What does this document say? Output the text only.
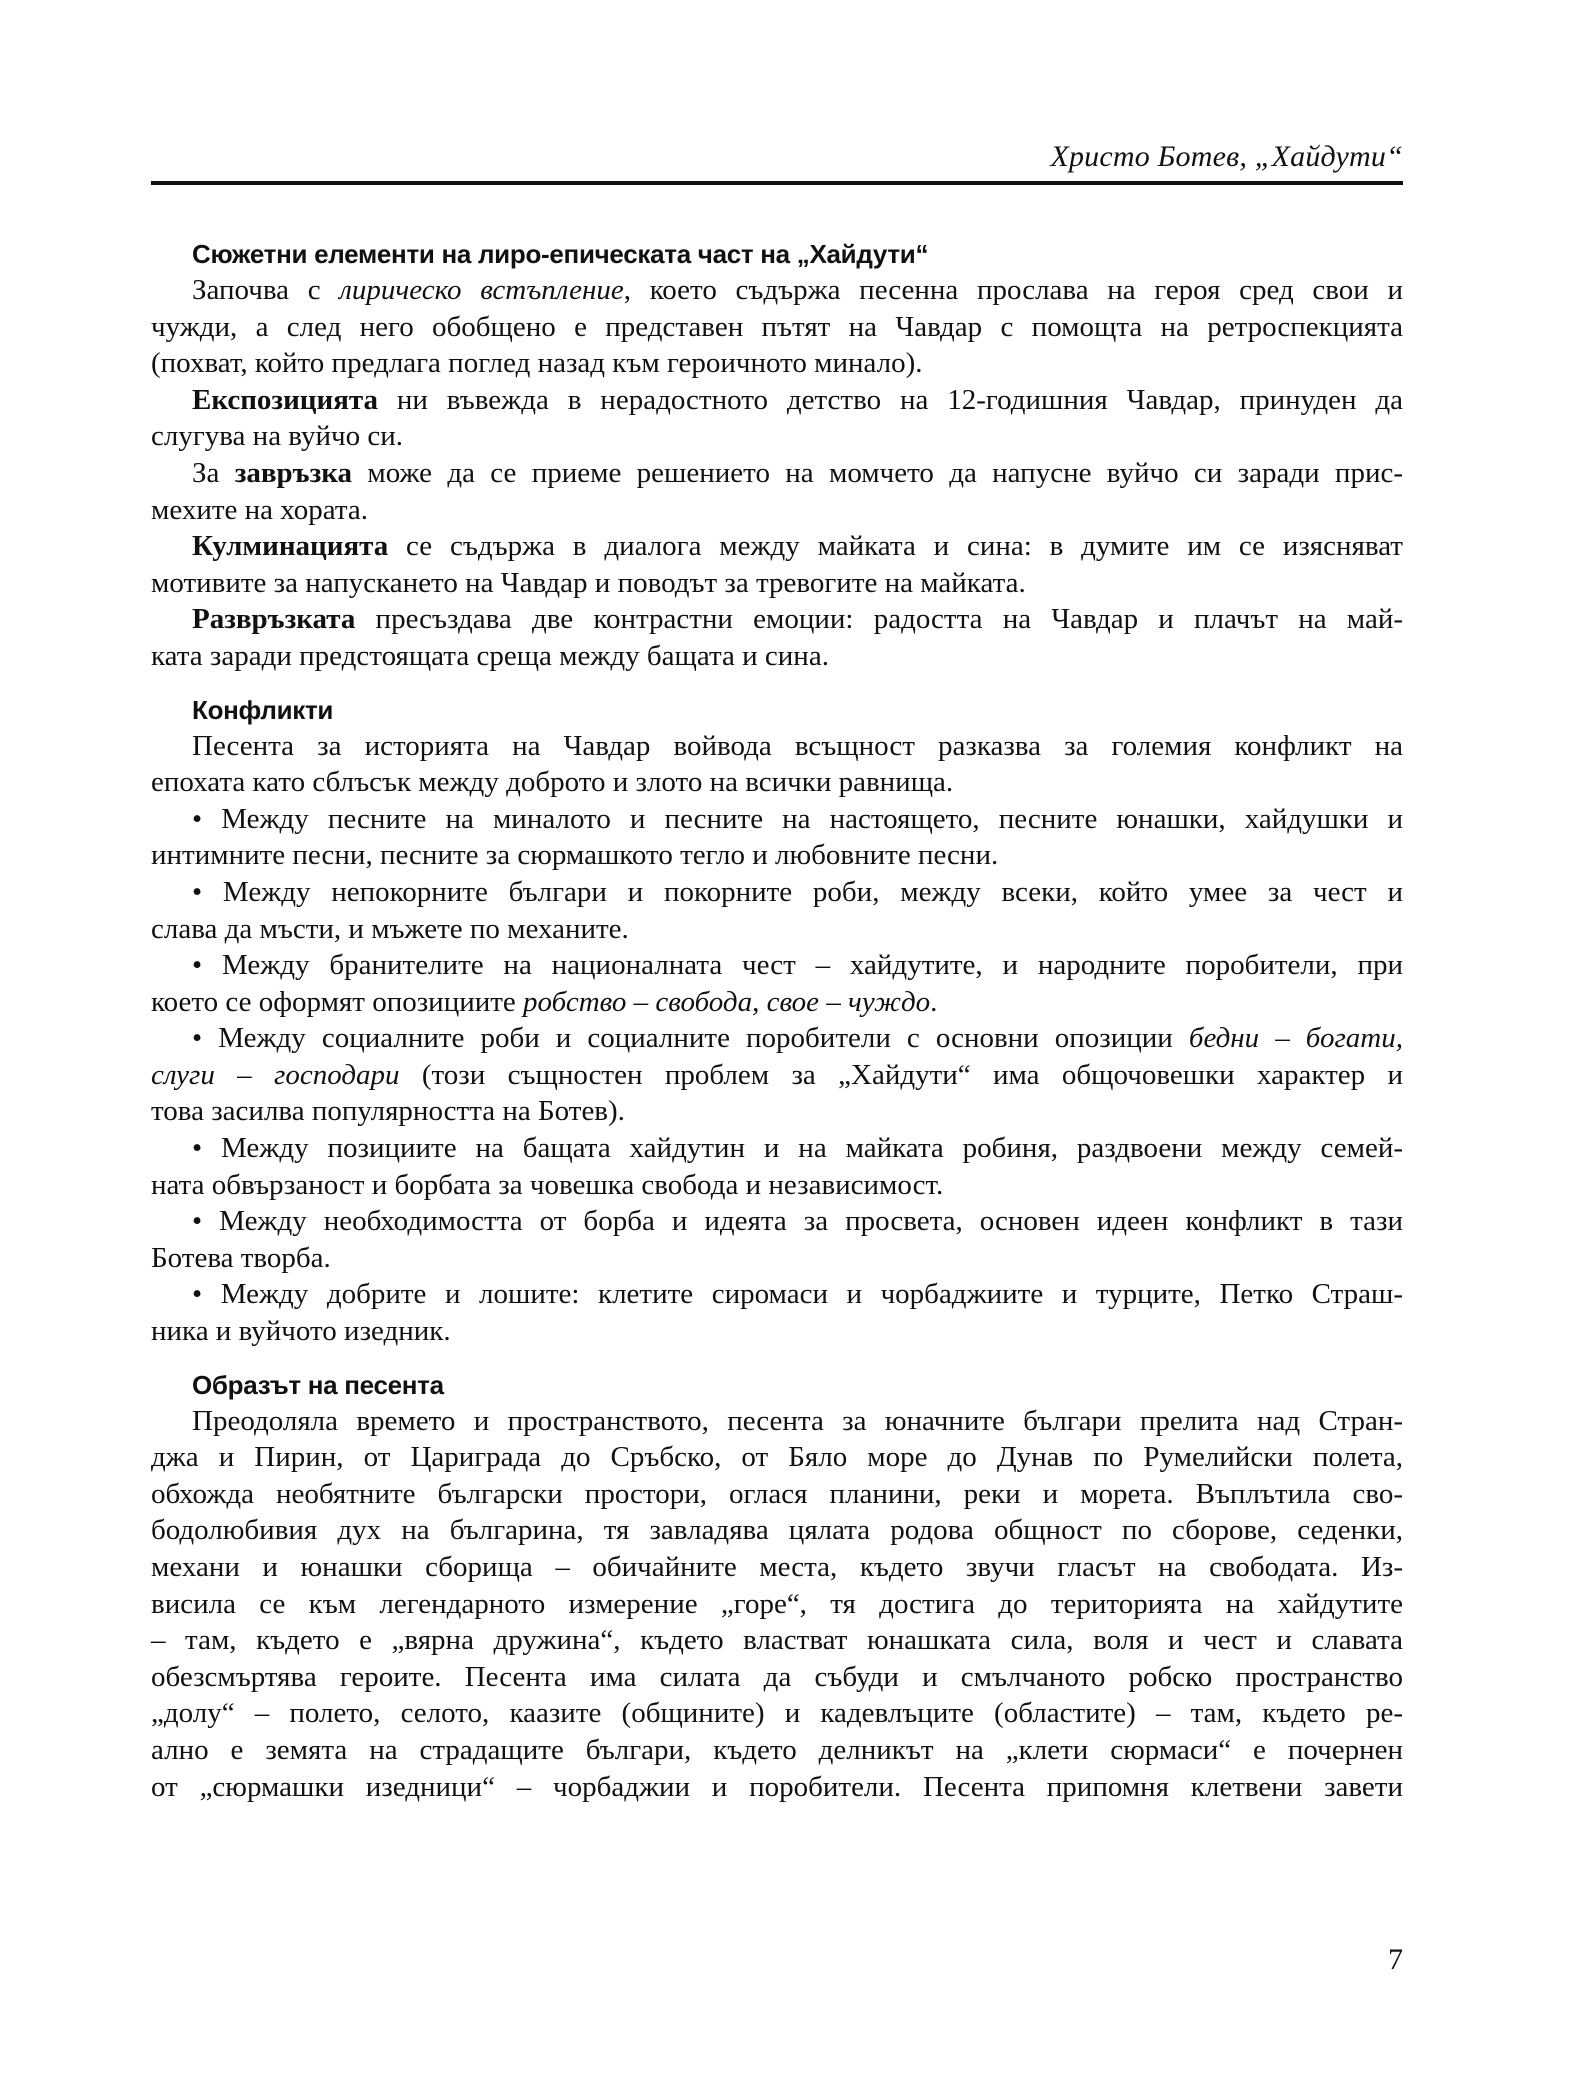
Христо Ботев, „Хайдути“
Сюжетни елементи на лиро-епическата част на „Хайдути“
Започва с лирическо встъпление, което съдържа песенна прослава на героя сред свои и
чужди, а след него обобщено е представен пътят на Чавдар с помощта на ретроспекцията
(похват, който предлага поглед назад към героичното минало).
Експозицията ни въвежда в нерадостното детство на 12-годишния Чавдар, принуден да
слугува на вуйчо си.
За завръзка може да се приеме решението на момчето да напусне вуйчо си заради прис-
мехите на хората.
Кулминацията се съдържа в диалога между майката и сина: в думите им се изясняват
мотивите за напускането на Чавдар и поводът за тревогите на майката.
Развръзката пресъздава две контрастни емоции: радостта на Чавдар и плачът на май-
ката заради предстоящата среща между бащата и сина.
Конфликти
Песента за историята на Чавдар войвода всъщност разказва за големия конфликт на
епохата като сблъсък между доброто и злото на всички равнища.
• Между песните на миналото и песните на настоящето, песните юнашки, хайдушки и
интимните песни, песните за сюрмашкото тегло и любовните песни.
• Между непокорните българи и покорните роби, между всеки, който умее за чест и
слава да мъсти, и мъжете по механите.
• Между бранителите на националната чест – хайдутите, и народните поробители, при
което се оформят опозициите робство – свобода, свое – чуждо.
• Между социалните роби и социалните поробители с основни опозиции бедни – богати,
слуги – господари (този същностен проблем за „Хайдути“ има общочовешки характер и
това засилва популярността на Ботев).
• Между позициите на бащата хайдутин и на майката робиня, раздвоени между семей-
ната обвързаност и борбата за човешка свобода и независимост.
• Между необходимостта от борба и идеята за просвета, основен идеен конфликт в тази
Ботева творба.
• Между добрите и лошите: клетите сиромаси и чорбаджиите и турците, Петко Страш-
ника и вуйчото изедник.
Образът на песента
Преодоляла времето и пространството, песента за юначните българи прелита над Стран-
джа и Пирин, от Цариграда до Сръбско, от Бяло море до Дунав по Румелийски полета,
обхожда необятните български простори, оглася планини, реки и морета. Въплътила сво-
бодолюбивия дух на българина, тя завладява цялата родова общност по сборове, седенки,
механи и юнашки сборища – обичайните места, където звучи гласът на свободата. Из-
висила се към легендарното измерение „горе“, тя достига до територията на хайдутите
– там, където е „вярна дружина“, където властват юнашката сила, воля и чест и славата
обезсмъртява героите. Песента има силата да събуди и смълчаното робско пространство
„долу“ – полето, селото, каазите (общините) и кадевлъците (областите) – там, където ре-
ално е земята на страдащите българи, където делникът на „клети сюрмаси“ е почернен
от „сюрмашки изедници“ – чорбаджии и поробители. Песента припомня клетвени завети
7
